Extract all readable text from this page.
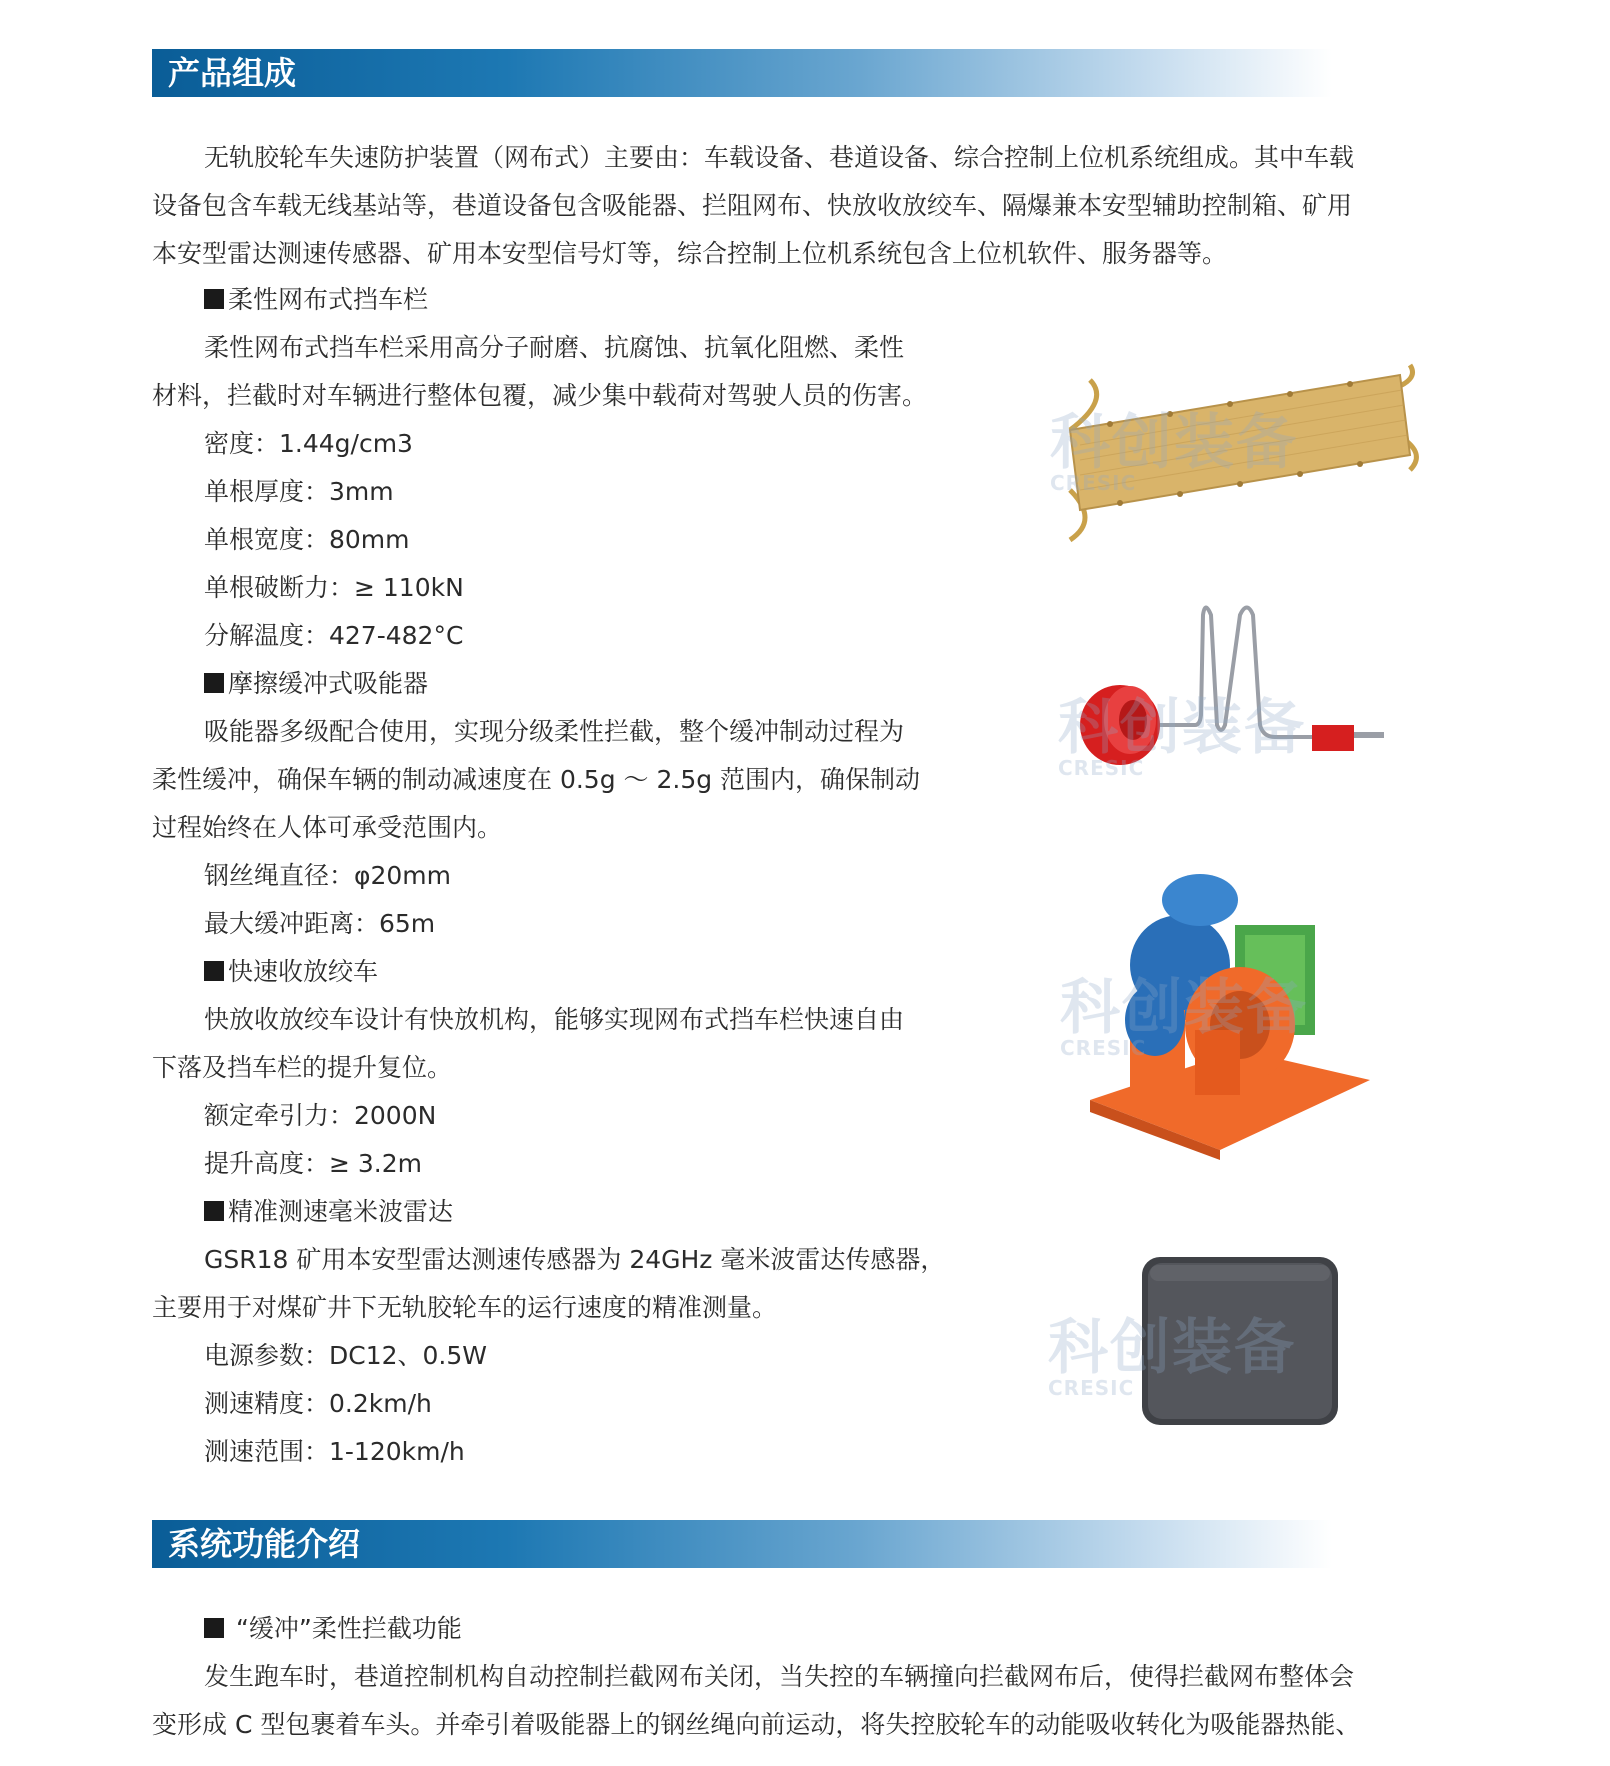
产品组成

无轨胶轮车失速防护装置（网布式）主要由：车载设备、巷道设备、综合控制上位机系统组成。其中车载

设备包含车载无线基站等，巷道设备包含吸能器、拦阻网布、快放收放绞车、隔爆兼本安型辅助控制箱、矿用

本安型雷达测速传感器、矿用本安型信号灯等，综合控制上位机系统包含上位机软件、服务器等。

柔性网布式挡车栏

柔性网布式挡车栏采用高分子耐磨、抗腐蚀、抗氧化阻燃、柔性

材料，拦截时对车辆进行整体包覆，减少集中载荷对驾驶人员的伤害。

密度：1.44g/cm3

单根厚度：3mm

单根宽度：80mm

单根破断力：≥ 110kN

分解温度：427-482°C

摩擦缓冲式吸能器

吸能器多级配合使用，实现分级柔性拦截，整个缓冲制动过程为

柔性缓冲，确保车辆的制动减速度在 0.5g ～ 2.5g 范围内，确保制动

过程始终在人体可承受范围内。

钢丝绳直径：φ20mm

最大缓冲距离：65m

快速收放绞车

快放收放绞车设计有快放机构，能够实现网布式挡车栏快速自由

下落及挡车栏的提升复位。

额定牵引力：2000N

提升高度：≥ 3.2m

精准测速毫米波雷达

GSR18 矿用本安型雷达测速传感器为 24GHz 毫米波雷达传感器，

主要用于对煤矿井下无轨胶轮车的运行速度的精准测量。

电源参数：DC12、0.5W

测速精度：0.2km/h

测速范围：1-120km/h

科创装备
CRESIC
科创装备
CRESIC
科创装备
CRESIC
科创装备
CRESIC
系统功能介绍

“缓冲”柔性拦截功能

发生跑车时，巷道控制机构自动控制拦截网布关闭，当失控的车辆撞向拦截网布后，使得拦截网布整体会

变形成 C 型包裹着车头。并牵引着吸能器上的钢丝绳向前运动，将失控胶轮车的动能吸收转化为吸能器热能、
